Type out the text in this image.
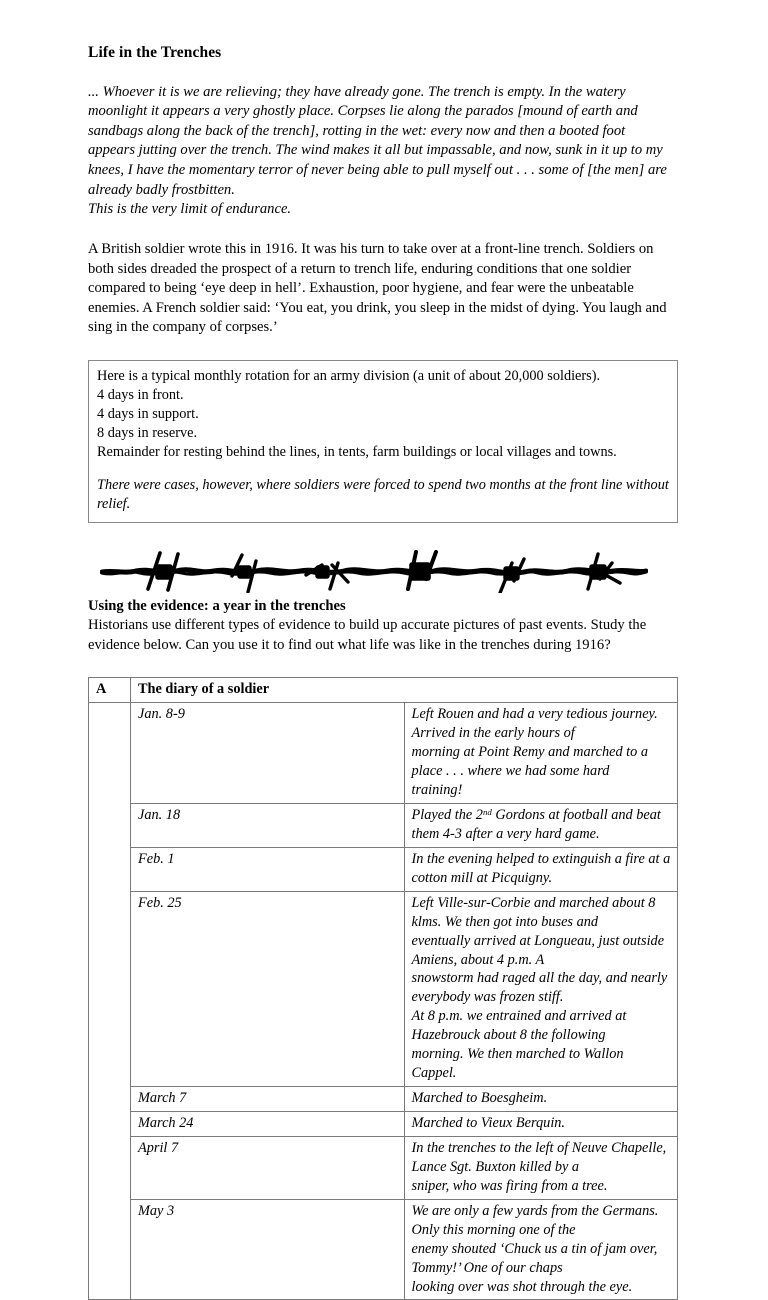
Life in the Trenches
... Whoever it is we are relieving; they have already gone. The trench is empty. In the watery
moonlight it appears a very ghostly place. Corpses lie along the parados [mound of earth and
sandbags along the back of the trench], rotting in the wet: every now and then a booted foot
appears jutting over the trench. The wind makes it all but impassable, and now, sunk in it up to my
knees, I have the momentary terror of never being able to pull myself out . . . some of [the men] are
already badly frostbitten.
This is the very limit of endurance.

A British soldier wrote this in 1916. It was his turn to take over at a front-line trench. Soldiers on both sides dreaded the prospect of a return to trench life, enduring conditions that one soldier compared to being ‘eye deep in hell’. Exhaustion, poor hygiene, and fear were the unbeatable enemies. A French soldier said: ‘You eat, you drink, you sleep in the midst of dying. You laugh and sing in the company of corpses.’

Here is a typical monthly rotation for an army division (a unit of about 20,000 soldiers).
4 days in front.
4 days in support.
8 days in reserve.
Remainder for resting behind the lines, in tents, farm buildings or local villages and towns.
There were cases, however, where soldiers were forced to spend two months at the front line without relief.
Using the evidence: a year in the trenches

Historians use different types of evidence to build up accurate pictures of past events. Study the evidence below. Can you use it to find out what life was like in the trenches during 1916?

A	The diary of a soldier	
	Jan. 8-9	Left Rouen and had a very tedious journey. Arrived in the early hours of
morning at Point Remy and marched to a place . . . where we had some hard
training!

	Jan. 18	Played the 2nd Gordons at football and beat them 4-3 after a very hard game.
	Feb. 1	In the evening helped to extinguish a fire at a cotton mill at Picquigny.

	Feb. 25	Left Ville-sur-Corbie and marched about 8 klms. We then got into buses and
eventually arrived at Longueau, just outside Amiens, about 4 p.m. A
snowstorm had raged all the day, and nearly everybody was frozen stiff.
At 8 p.m. we entrained and arrived at Hazebrouck about 8 the following
morning. We then marched to Wallon Cappel.

	March 7	Marched to Boesgheim.

	March 24	Marched to Vieux Berquin.

	April 7	In the trenches to the left of Neuve Chapelle, Lance Sgt. Buxton killed by a
sniper, who was firing from a tree.

	May 3	We are only a few yards from the Germans. Only this morning one of the
enemy shouted ‘Chuck us a tin of jam over, Tommy!’ One of our chaps
looking over was shot through the eye.
